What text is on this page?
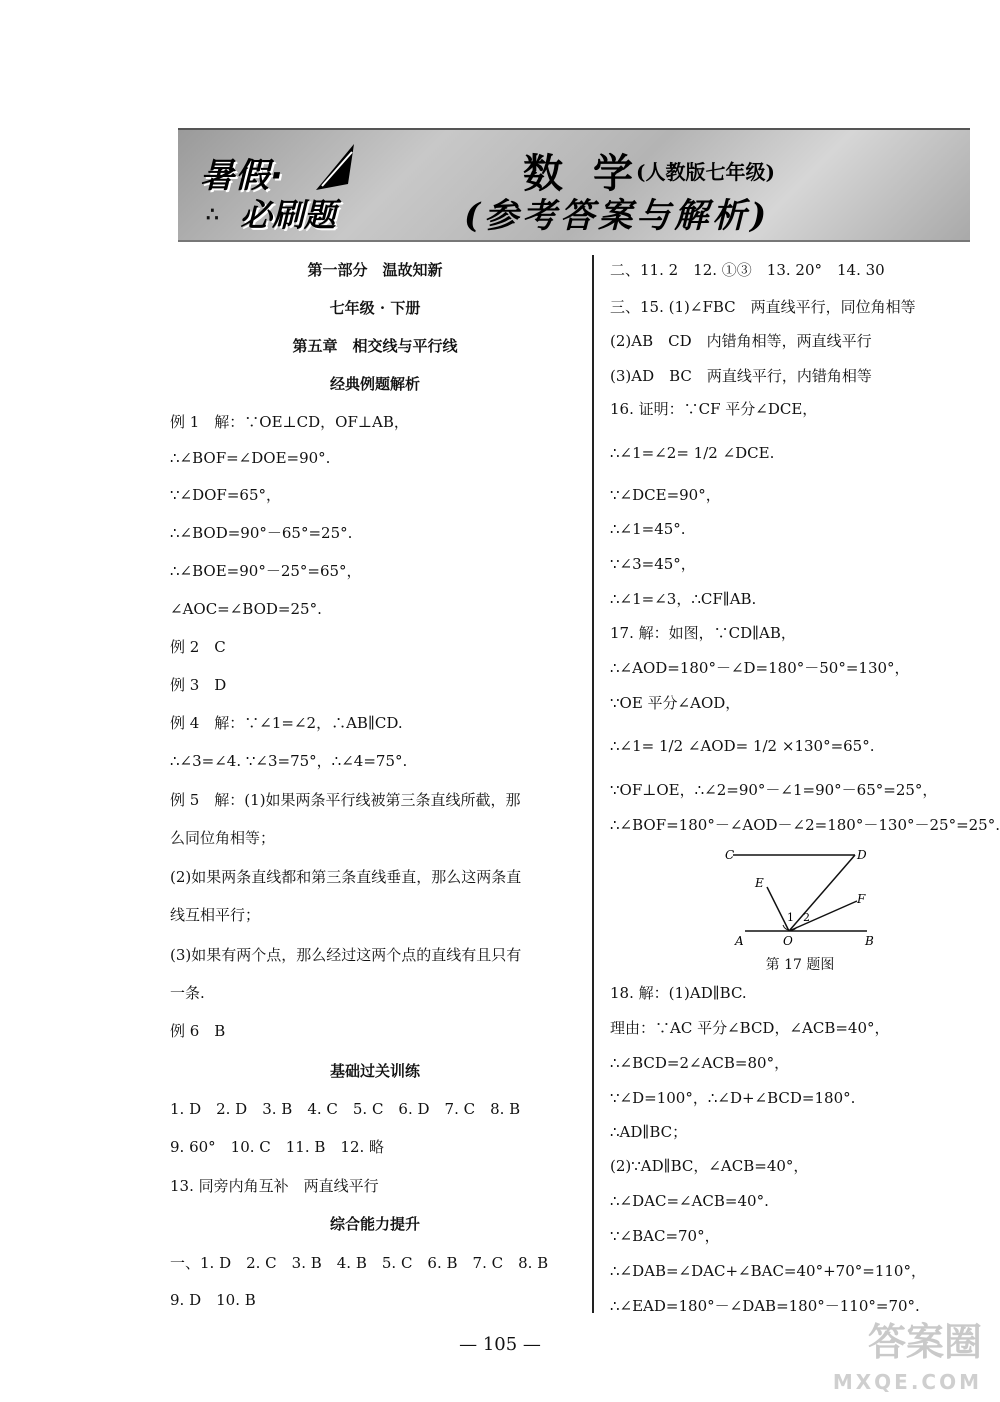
暑假·
∴ 必刷题
数学
(人教版七年级)
(参考答案与解析)
第一部分　温故知新
七年级 · 下册
第五章　相交线与平行线
经典例题解析
例 1　解：∵OE⊥CD，OF⊥AB，
∴∠BOF=∠DOE=90°.
∵∠DOF=65°，
∴∠BOD=90°－65°=25°.
∴∠BOE=90°－25°=65°，
∠AOC=∠BOD=25°.
例 2　C
例 3　D
例 4　解：∵∠1=∠2，∴AB∥CD.
∴∠3=∠4. ∵∠3=75°，∴∠4=75°.
例 5　解：(1)如果两条平行线被第三条直线所截，那
么同位角相等；
(2)如果两条直线都和第三条直线垂直，那么这两条直
线互相平行；
(3)如果有两个点，那么经过这两个点的直线有且只有
一条.
例 6　B
基础过关训练
1. D　2. D　3. B　4. C　5. C　6. D　7. C　8. B
9. 60°　10. C　11. B　12. 略
13. 同旁内角互补　两直线平行
综合能力提升
一、1. D　2. C　3. B　4. B　5. C　6. B　7. C　8. B
9. D　10. B
二、11. 2　12. ①③　13. 20°　14. 30
三、15. (1)∠FBC　两直线平行，同位角相等
(2)AB　CD　内错角相等，两直线平行
(3)AD　BC　两直线平行，内错角相等
16. 证明：∵CF 平分∠DCE，
∴∠1=∠2= 1/2 ∠DCE.
∵∠DCE=90°，
∴∠1=45°.
∵∠3=45°，
∴∠1=∠3，∴CF∥AB.
17. 解：如图，∵CD∥AB，
∴∠AOD=180°－∠D=180°－50°=130°，
∵OE 平分∠AOD，
∴∠1= 1/2 ∠AOD= 1/2 ×130°=65°.
∵OF⊥OE，∴∠2=90°－∠1=90°－65°=25°，
∴∠BOF=180°－∠AOD－∠2=180°－130°－25°=25°.
18. 解：(1)AD∥BC.
理由：∵AC 平分∠BCD，∠ACB=40°，
∴∠BCD=2∠ACB=80°，
∵∠D=100°，∴∠D+∠BCD=180°.
∴AD∥BC；
(2)∵AD∥BC，∠ACB=40°，
∴∠DAC=∠ACB=40°.
∵∠BAC=70°，
∴∠DAB=∠DAC+∠BAC=40°+70°=110°，
∴∠EAD=180°－∠DAB=180°－110°=70°.
C	D
E
F
A	O	B
1 2
第 17 题图
— 105 —	答案圈
MXQE.COM
